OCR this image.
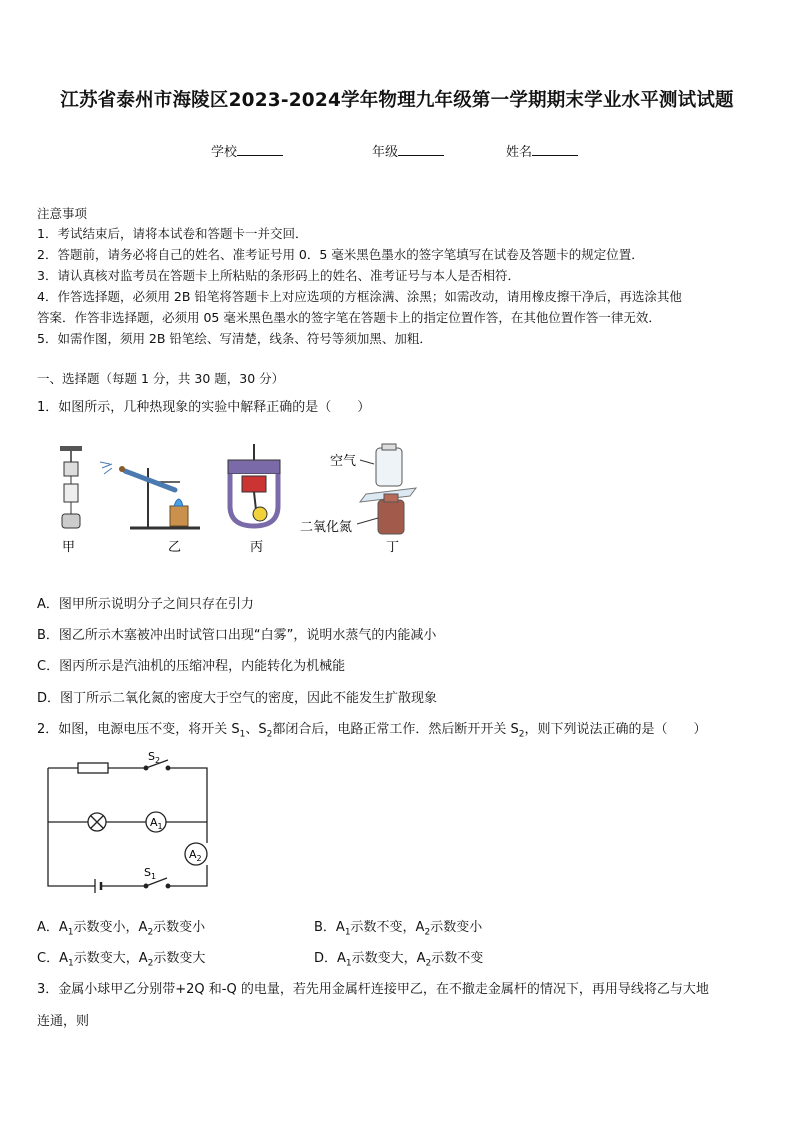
江苏省泰州市海陵区2023-2024学年物理九年级第一学期期末学业水平测试试题
学校	年级	姓名
注意事项
1．考试结束后，请将本试卷和答题卡一并交回．
2．答题前，请务必将自己的姓名、准考证号用 0．5 毫米黑色墨水的签字笔填写在试卷及答题卡的规定位置．
3．请认真核对监考员在答题卡上所粘贴的条形码上的姓名、准考证号与本人是否相符．
4．作答选择题，必须用 2B 铅笔将答题卡上对应选项的方框涂满、涂黑；如需改动，请用橡皮擦干净后，再选涂其他
答案．作答非选择题，必须用 05 毫米黑色墨水的签字笔在答题卡上的指定位置作答，在其他位置作答一律无效．
5．如需作图，须用 2B 铅笔绘、写清楚，线条、符号等须加黑、加粗．
一、选择题（每题 1 分，共 30 题，30 分）
1．如图所示，几种热现象的实验中解释正确的是（　　）
甲	乙	丙
空气
二氧化氮
丁
A．图甲所示说明分子之间只存在引力
B．图乙所示木塞被冲出时试管口出现“白雾”，说明水蒸气的内能减小
C．图丙所示是汽油机的压缩冲程，内能转化为机械能
D．图丁所示二氧化氮的密度大于空气的密度，因此不能发生扩散现象
2．如图，电源电压不变，将开关 $S_1$、$S_2$都闭合后，电路正常工作．然后断开开关 $S_2$，则下列说法正确的是（　　）
$S_2$
$A_1$
$A_2$
$S_1$
A．$A_1$示数变小，$A_2$示数变小	B．$A_1$示数不变，$A_2$示数变小
C．$A_1$示数变大，$A_2$示数变大	D．$A_1$示数变大，$A_2$示数不变
3．金属小球甲乙分别带+2Q 和-Q 的电量，若先用金属杆连接甲乙，在不撤走金属杆的情况下，再用导线将乙与大地
连通，则
